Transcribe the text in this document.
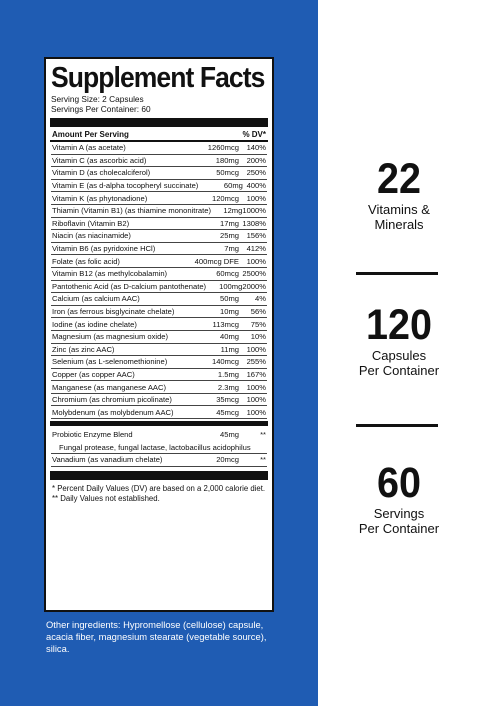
Supplement Facts
Serving Size: 2 Capsules
Servings Per Container: 60
Amount Per Serving	% DV*
Vitamin A (as acetate)	1260mcg 140%
Vitamin C (as ascorbic acid)	180mg 200%
Vitamin D (as cholecalciferol)	50mcg 250%
Vitamin E (as d-alpha tocopheryl succinate)	60mg 400%
Vitamin K (as phytonadione)	120mcg 100%
Thiamin (Vitamin B1) (as thiamine mononitrate)	12mg 1000%
Riboflavin (Vitamin B2)	17mg 1308%
Niacin (as niacinamide)	25mg 156%
Vitamin B6 (as pyridoxine HCl)	7mg 412%
Folate (as folic acid)	400mcg DFE 100%
Vitamin B12 (as methylcobalamin)	60mcg 2500%
Pantothenic Acid (as D-calcium pantothenate)	100mg 2000%
Calcium (as calcium AAC)	50mg	4%
Iron (as ferrous bisglycinate chelate)	10mg	56%
Iodine (as iodine chelate)	113mcg	75%
Magnesium (as magnesium oxide)	40mg	10%
Zinc (as zinc AAC)	11mg 100%
Selenium (as L-selenomethionine)	140mcg 255%
Copper (as copper AAC)	1.5mg 167%
Manganese (as manganese AAC)	2.3mg 100%
Chromium (as chromium picolinate)	35mcg 100%
Molybdenum (as molybdenum AAC)	45mcg 100%
Probiotic Enzyme Blend	45mg	**
Fungal protease, fungal lactase, lactobacillus acidophilus
Vanadium (as vanadium chelate)	20mcg	**
* Percent Daily Values (DV) are based on a 2,000 calorie diet.
** Daily Values not established.
Other ingredients: Hypromellose (cellulose) capsule, acacia fiber, magnesium stearate (vegetable source), silica.
22
Vitamins &
Minerals
120
Capsules
Per Container
60
Servings
Per Container
